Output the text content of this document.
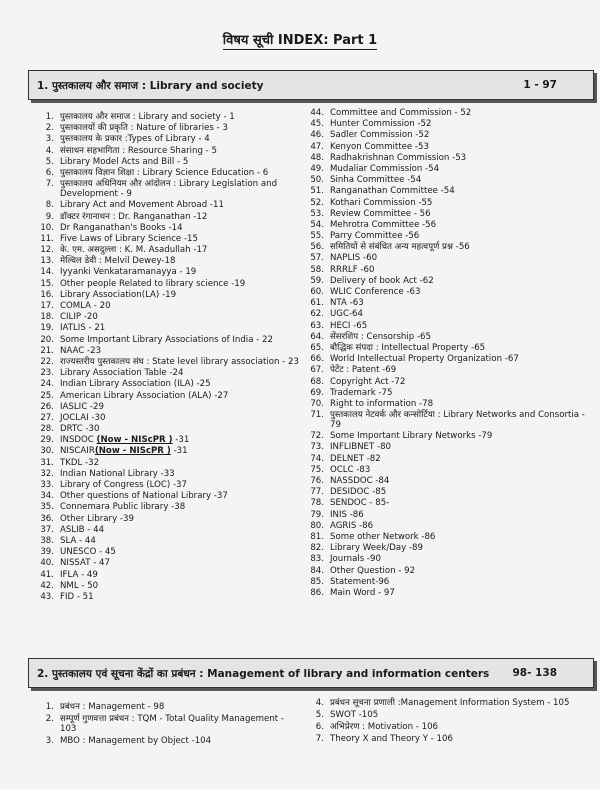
विषय सूची INDEX: Part 1
1. पुस्तकालय और समाज : Library and society	1 - 97
1. पुस्तकालय और समाज : Library and society - 1
2. पुस्तकालयों की प्रकृति : Nature of libraries - 3
3. पुस्तकालय के प्रकार :Types of Library - 4
4. संसाधन सहभागिता : Resource Sharing - 5
5. Library Model Acts and Bill - 5
6. पुस्तकालय विज्ञान शिक्षा : Library Science Education - 6
7. पुस्तकालय अधिनियम और आंदोलन : Library Legislation and Development - 9
8. Library Act and Movement Abroad -11
9. डॉक्टर रंगानाथन : Dr. Ranganathan -12
10. Dr Ranganathan's Books -14
11. Five Laws of Library Science -15
12. के. एम. असदुल्ला : K. M. Asadullah -17
13. मेल्विल डेवी : Melvil Dewey-18
14. Iyyanki Venkataramanayya - 19
15. Other people Related to library science -19
16. Library Association(LA) -19
17. COMLA - 20
18. CILIP -20
19. IATLIS - 21
20. Some Important Library Associations of India - 22
21. NAAC -23
22. राज्यस्तरीय पुस्तकालय संघ : State level library association - 23
23. Library Association Table -24
24. Indian Library Association (ILA) -25
25. American Library Association (ALA) -27
26. IASLIC -29
27. JOCLAI -30
28. DRTC -30
29. INSDOC (Now - NIScPR ) -31
30. NISCAIR(Now - NIScPR ) -31
31. TKDL -32
32. Indian National Library -33
33. Library of Congress (LOC) -37
34. Other questions of National Library -37
35. Connemara Public library -38
36. Other Library -39
37. ASLIB - 44
38. SLA - 44
39. UNESCO - 45
40. NISSAT - 47
41. IFLA - 49
42. NML - 50
43. FID - 51
44. Committee and Commission - 52
45. Hunter Commission -52
46. Sadler Commission -52
47. Kenyon Committee -53
48. Radhakrishnan Commission -53
49. Mudaliar Commission -54
50. Sinha Committee -54
51. Ranganathan Committee -54
52. Kothari Commission -55
53. Review Committee - 56
54. Mehrotra Committee -56
55. Parry Committee -56
56. समितियों से संबंधित अन्य महत्वपूर्ण प्रश्न -56
57. NAPLIS -60
58. RRRLF -60
59. Delivery of book Act -62
60. WLIC Conference -63
61. NTA -63
62. UGC-64
63. HECI -65
64. सेंसरशिप : Censorship -65
65. बौद्धिक संपदा : Intellectual Property -65
66. World Intellectual Property Organization -67
67. पेटेंट : Patent -69
68. Copyright Act -72
69. Trademark -75
70. Right to information -78
71. पुस्तकालय नेटवर्क और कन्सोर्टिया : Library Networks and Consortia - 79
72. Some Important Library Networks -79
73. INFLIBNET -80
74. DELNET -82
75. OCLC -83
76. NASSDOC -84
77. DESIDOC -85
78. SENDOC - 85-
79. INIS -86
80. AGRIS -86
81. Some other Network -86
82. Library Week/Day -89
83. Journals -90
84. Other Question - 92
85. Statement-96
86. Main Word - 97
2. पुस्तकालय एवं सूचना केंद्रों का प्रबंधन : Management of library and information centers 98- 138
1. प्रबंधन : Management - 98
2. सम्पूर्ण गुणवत्ता प्रबंधन : TQM - Total Quality Management - 103
3. MBO : Management by Object -104
4. प्रबंधन सूचना प्रणाली :Management Information System - 105
5. SWOT -105
6. अभिप्रेरण : Motivation - 106
7. Theory X and Theory Y - 106
